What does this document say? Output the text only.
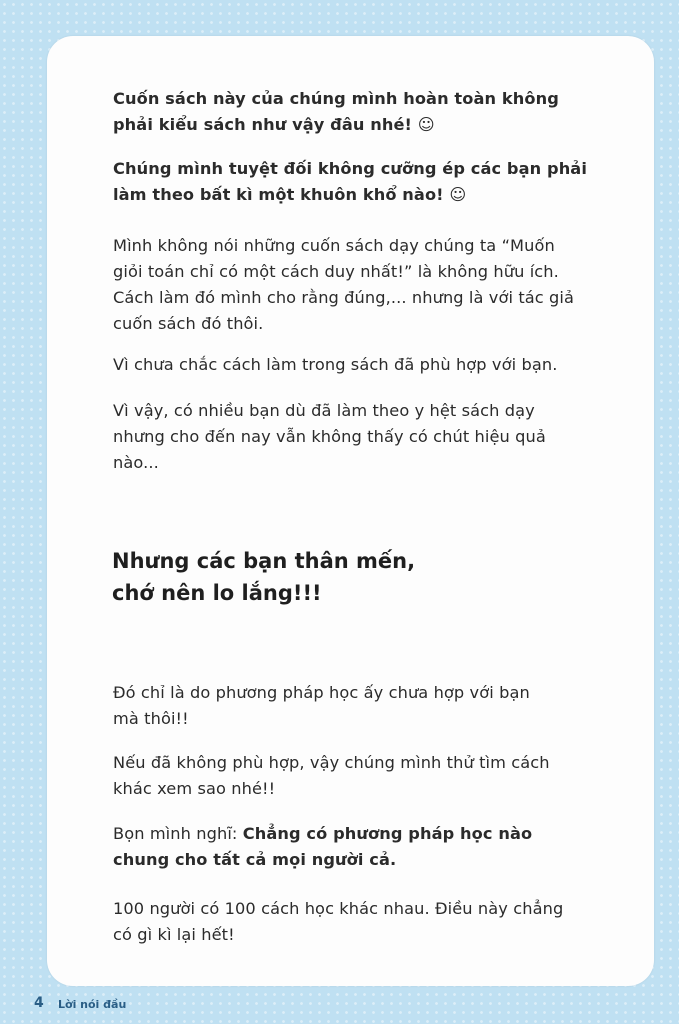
Cuốn sách này của chúng mình hoàn toàn không
phải kiểu sách như vậy đâu nhé! ☺

Chúng mình tuyệt đối không cưỡng ép các bạn phải
làm theo bất kì một khuôn khổ nào! ☺

Mình không nói những cuốn sách dạy chúng ta “Muốn
giỏi toán chỉ có một cách duy nhất!” là không hữu ích.
Cách làm đó mình cho rằng đúng,... nhưng là với tác giả
cuốn sách đó thôi.

Vì chưa chắc cách làm trong sách đã phù hợp với bạn.

Vì vậy, có nhiều bạn dù đã làm theo y hệt sách dạy
nhưng cho đến nay vẫn không thấy có chút hiệu quả
nào...

Nhưng các bạn thân mến,
chớ nên lo lắng!!!

Đó chỉ là do phương pháp học ấy chưa hợp với bạn
mà thôi!!

Nếu đã không phù hợp, vậy chúng mình thử tìm cách
khác xem sao nhé!!

Bọn mình nghĩ: Chẳng có phương pháp học nào
chung cho tất cả mọi người cả.

100 người có 100 cách học khác nhau. Điều này chẳng
có gì kì lại hết!

4 Lời nói đầu
